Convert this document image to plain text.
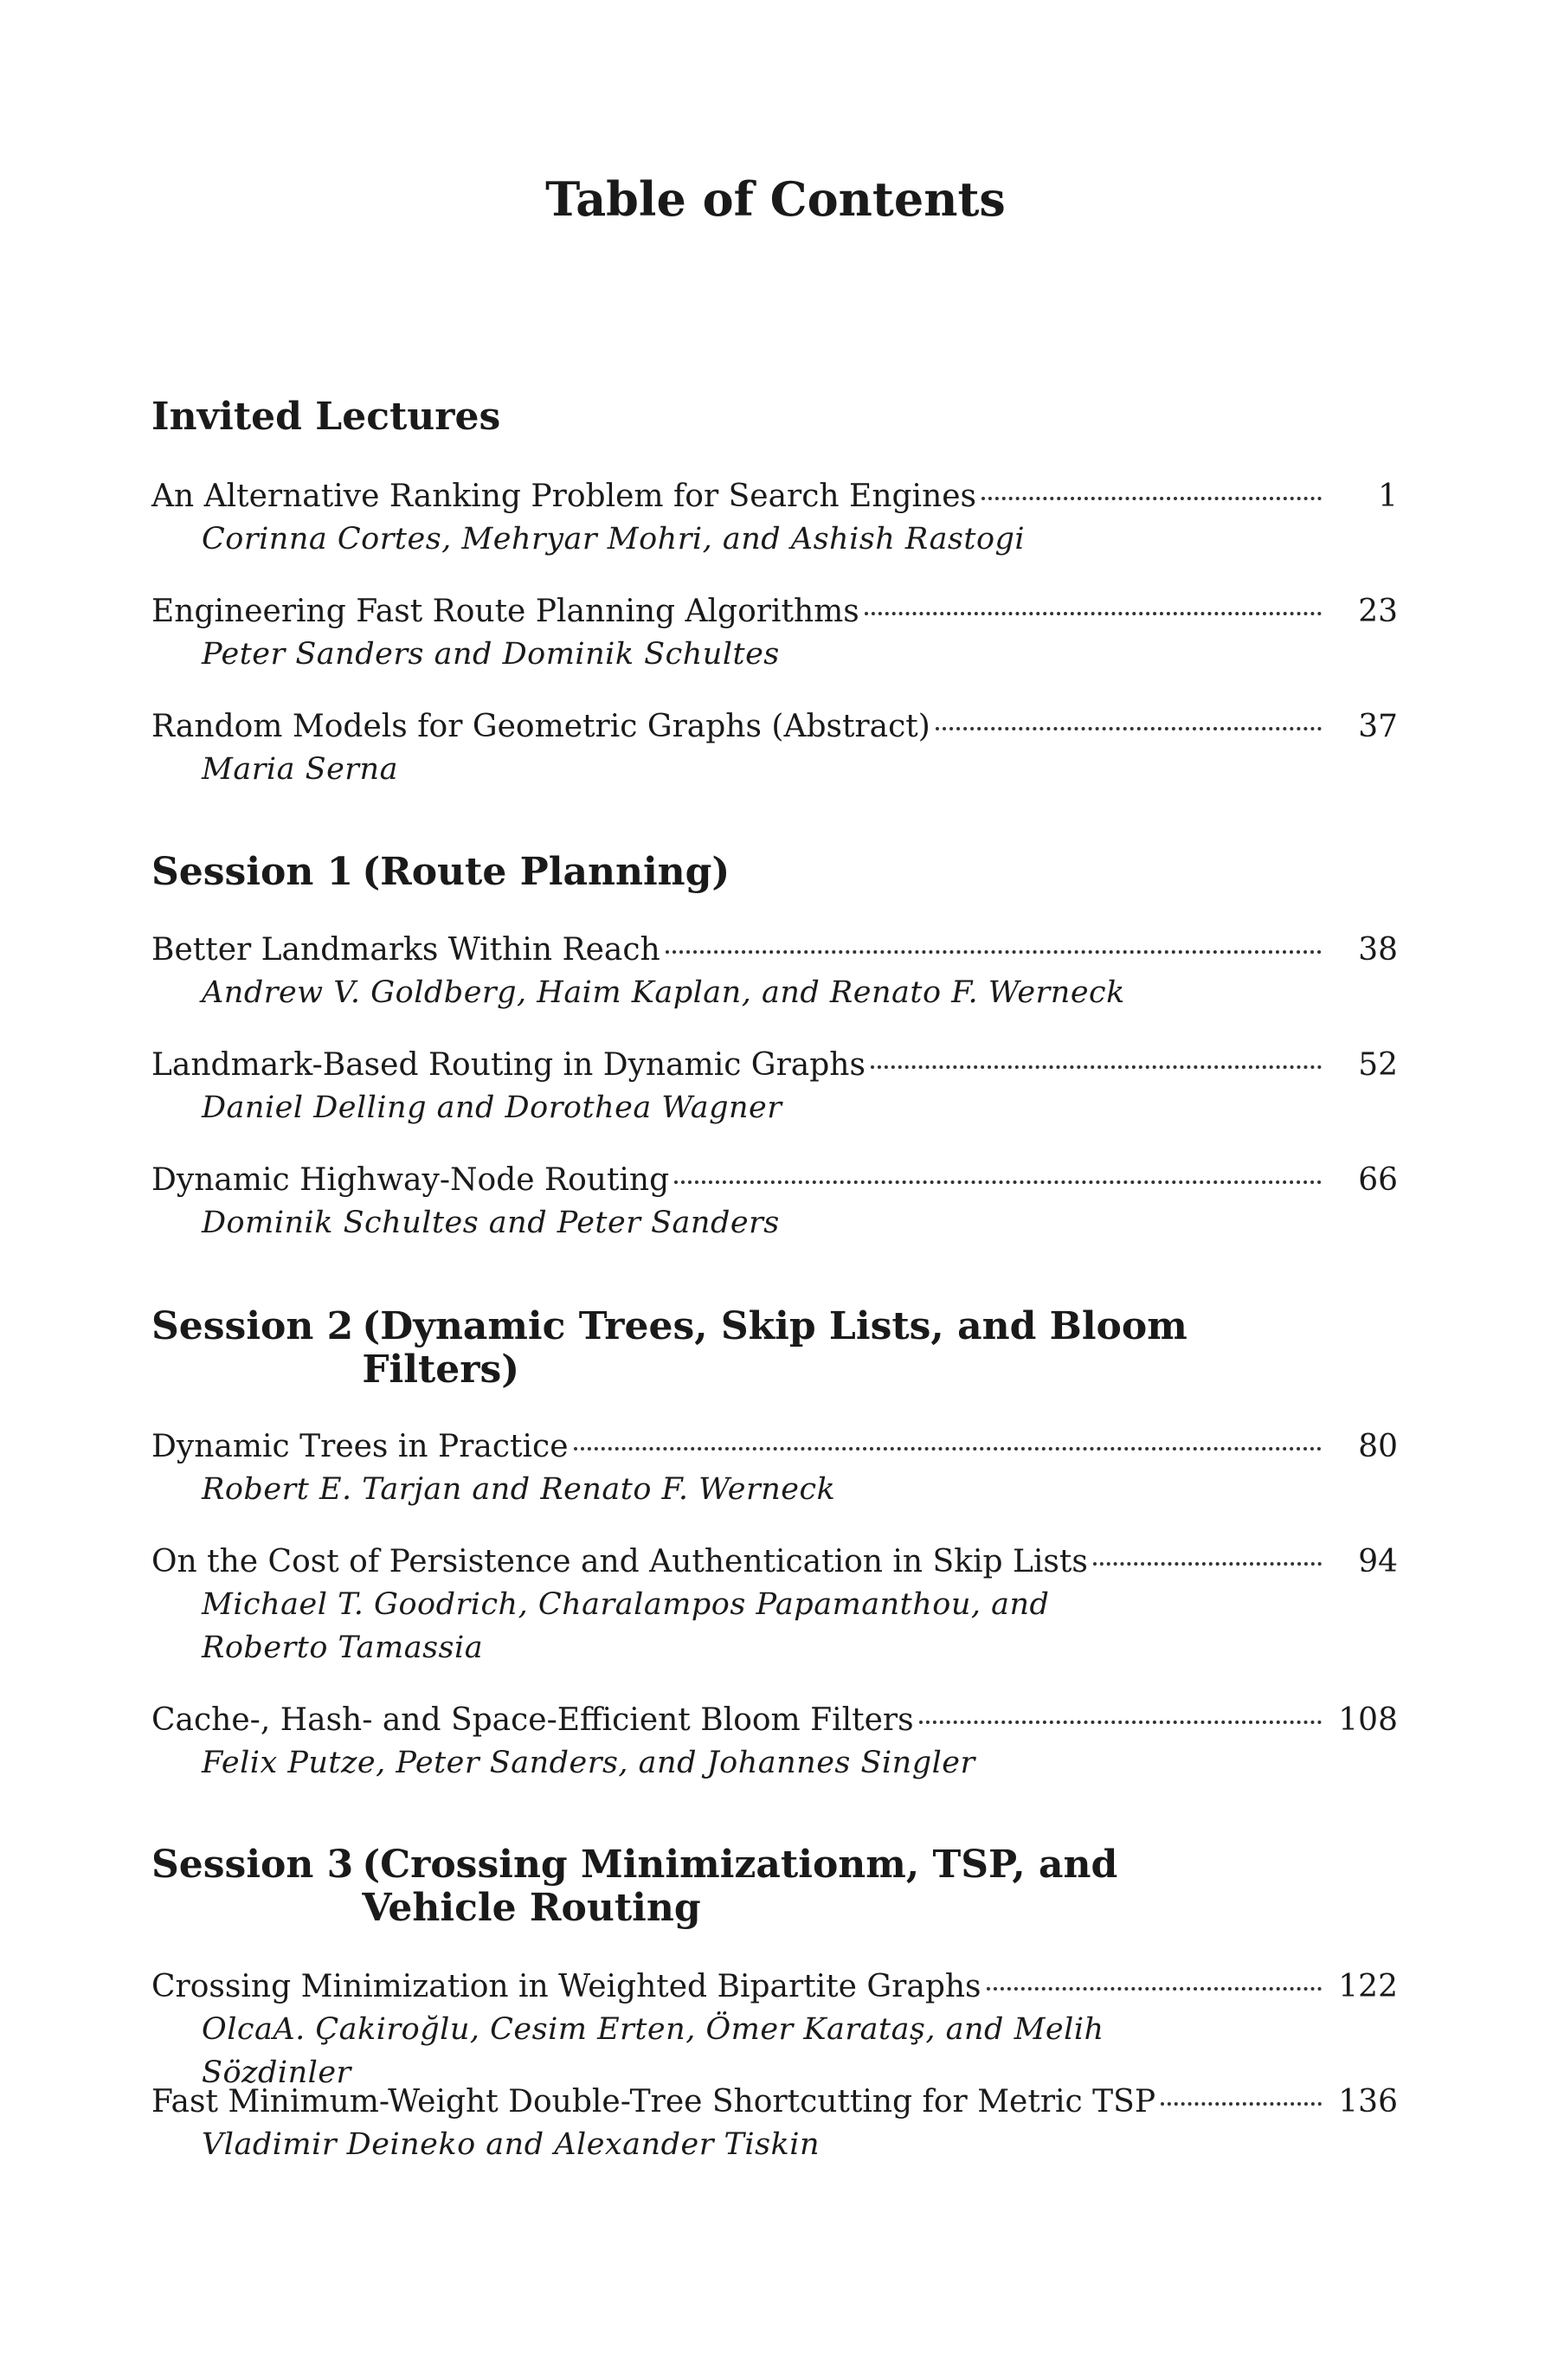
Table of Contents
Invited Lectures
An Alternative Ranking Problem for Search Engines	1
Corinna Cortes, Mehryar Mohri, and Ashish Rastogi
Engineering Fast Route Planning Algorithms	23
Peter Sanders and Dominik Schultes
Random Models for Geometric Graphs (Abstract)	37
Maria Serna
Session 1 (Route Planning)
Better Landmarks Within Reach	38
Andrew V. Goldberg, Haim Kaplan, and Renato F. Werneck
Landmark-Based Routing in Dynamic Graphs	52
Daniel Delling and Dorothea Wagner
Dynamic Highway-Node Routing	66
Dominik Schultes and Peter Sanders
Session 2 (Dynamic Trees, Skip Lists, and Bloom Filters)
Dynamic Trees in Practice	80
Robert E. Tarjan and Renato F. Werneck
On the Cost of Persistence and Authentication in Skip Lists	94
Michael T. Goodrich, Charalampos Papamanthou, and Roberto Tamassia
Cache-, Hash- and Space-Efficient Bloom Filters	108
Felix Putze, Peter Sanders, and Johannes Singler
Session 3 (Crossing Minimizationm, TSP, and Vehicle Routing
Crossing Minimization in Weighted Bipartite Graphs	122
OlcaA. Çakiroğlu, Cesim Erten, Ömer Karataş, and Melih Sözdinler
Fast Minimum-Weight Double-Tree Shortcutting for Metric TSP	136
Vladimir Deineko and Alexander Tiskin
